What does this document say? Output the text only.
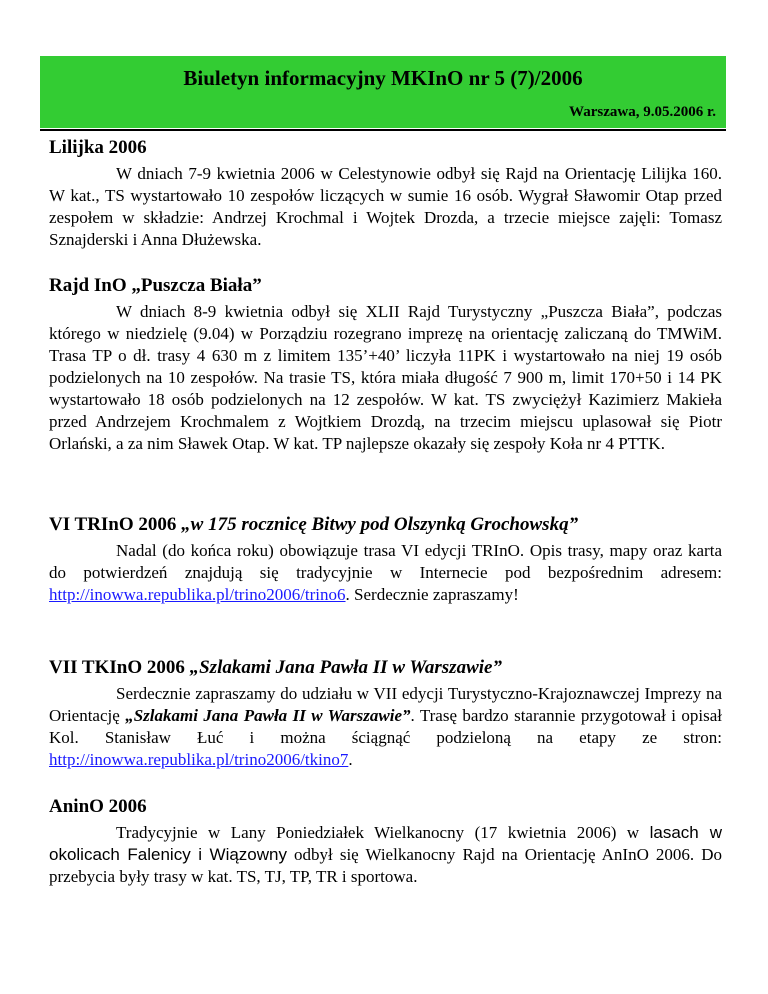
Biuletyn informacyjny MKInO nr 5 (7)/2006
Warszawa, 9.05.2006 r.
Lilijka 2006

W dniach 7-9 kwietnia 2006 w Celestynowie odbył się Rajd na Orientację Lilijka 160. W kat., TS wystartowało 10 zespołów liczących w sumie 16 osób. Wygrał Sławomir Otap przed zespołem w składzie: Andrzej Krochmal i Wojtek Drozda, a trzecie miejsce zajęli: Tomasz Sznajderski i Anna Dłużewska.

Rajd InO „Puszcza Biała”

W dniach 8-9 kwietnia odbył się XLII Rajd Turystyczny „Puszcza Biała”, podczas którego w niedzielę (9.04) w Porządziu rozegrano imprezę na orientację zaliczaną do TMWiM. Trasa TP o dł. trasy 4 630 m z limitem 135’+40’ liczyła 11PK i wystartowało na niej 19 osób podzielonych na 10 zespołów. Na trasie TS, która miała długość 7 900 m, limit 170+50 i 14 PK wystartowało 18 osób podzielonych na 12 zespołów. W kat. TS zwyciężył Kazimierz Makieła przed Andrzejem Krochmalem z Wojtkiem Drozdą, na trzecim miejscu uplasował się Piotr Orlański, a za nim Sławek Otap. W kat. TP najlepsze okazały się zespoły Koła nr 4 PTTK.

VI TRInO 2006 „w 175 rocznicę Bitwy pod Olszynką Grochowską”

Nadal (do końca roku) obowiązuje trasa VI edycji TRInO. Opis trasy, mapy oraz karta do potwierdzeń znajdują się tradycyjnie w Internecie pod bezpośrednim adresem: http://inowwa.republika.pl/trino2006/trino6. Serdecznie zapraszamy!

VII TKInO 2006 „Szlakami Jana Pawła II w Warszawie”

Serdecznie zapraszamy do udziału w VII edycji Turystyczno-Krajoznawczej Imprezy na Orientację „Szlakami Jana Pawła II w Warszawie”. Trasę bardzo starannie przygotował i opisał Kol. Stanisław Łuć i można ściągnąć podzieloną na etapy ze stron: http://inowwa.republika.pl/trino2006/tkino7.

AninO 2006

Tradycyjnie w Lany Poniedziałek Wielkanocny (17 kwietnia 2006) w lasach w okolicach Falenicy i Wiązowny odbył się Wielkanocny Rajd na Orientację AnInO 2006. Do przebycia były trasy w kat. TS, TJ, TP, TR i sportowa.
